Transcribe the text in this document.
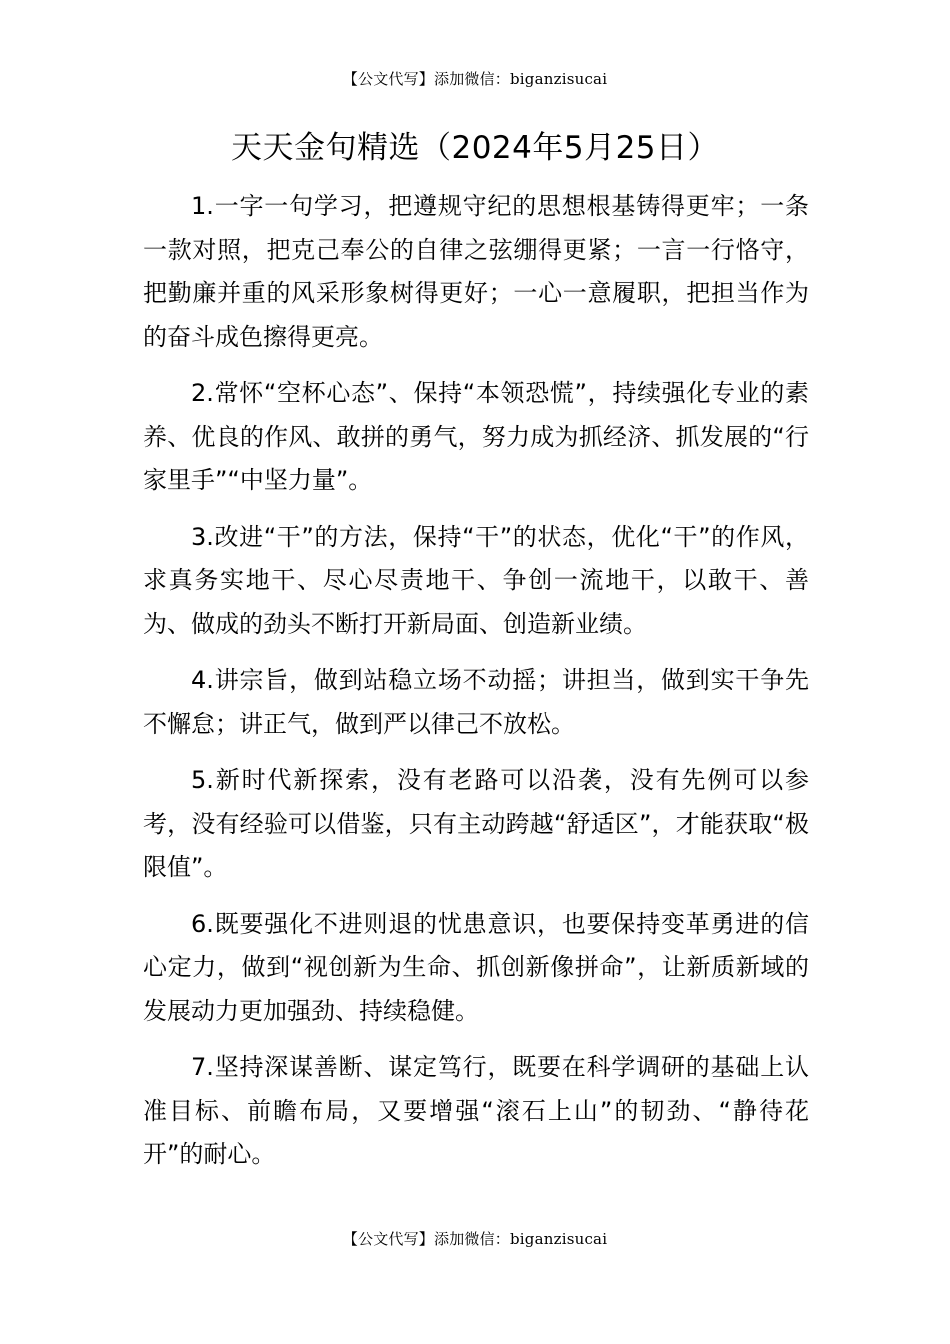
【公文代写】添加微信：biganzisucai
天天金句精选（2024年5月25日）

1.一字一句学习，把遵规守纪的思想根基铸得更牢；一条一款对照，把克己奉公的自律之弦绷得更紧；一言一行恪守，把勤廉并重的风采形象树得更好；一心一意履职，把担当作为的奋斗成色擦得更亮。

2.常怀“空杯心态”、保持“本领恐慌”，持续强化专业的素养、优良的作风、敢拼的勇气，努力成为抓经济、抓发展的“行家里手”“中坚力量”。

3.改进“干”的方法，保持“干”的状态，优化“干”的作风，求真务实地干、尽心尽责地干、争创一流地干，以敢干、善为、做成的劲头不断打开新局面、创造新业绩。

4.讲宗旨，做到站稳立场不动摇；讲担当，做到实干争先不懈怠；讲正气，做到严以律己不放松。

5.新时代新探索，没有老路可以沿袭，没有先例可以参考，没有经验可以借鉴，只有主动跨越“舒适区”，才能获取“极限值”。

6.既要强化不进则退的忧患意识，也要保持变革勇进的信心定力，做到“视创新为生命、抓创新像拼命”，让新质新域的发展动力更加强劲、持续稳健。

7.坚持深谋善断、谋定笃行，既要在科学调研的基础上认准目标、前瞻布局，又要增强“滚石上山”的韧劲、“静待花开”的耐心。

【公文代写】添加微信：biganzisucai
